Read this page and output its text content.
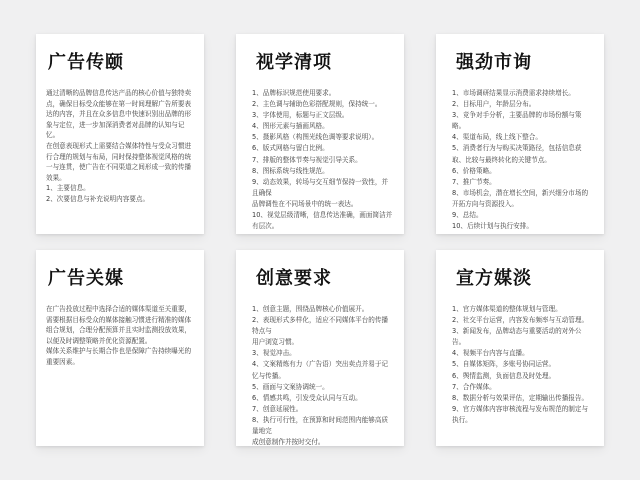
广告传颐

通过清晰的品牌信息传达产品的核心价值与独特卖点，确保目标受众能够在第一时间理解广告所要表达的内容，并且在众多信息中快速识别出品牌的形象与定位，进一步加深消费者对品牌的认知与记忆。

在创意表现形式上需要结合媒体特性与受众习惯进行合理的规划与布局，同时保持整体视觉风格的统一与连贯，使广告在不同渠道之间形成一致的传播效果。

1、主要信息。

2、次要信息与补充说明内容要点。

视学清项
1、品牌标识规范使用要求。
2、主色调与辅助色彩搭配规则，保持统一。
3、字体使用，标题与正文层级。
4、图形元素与插画风格。
5、摄影风格（构图光线色调等要求说明）。
6、版式网格与留白比例。
7、排版的整体节奏与视觉引导关系。
8、图标系统与线性规范。
9、动态效果，转场与交互细节保持一致性，并且确保
品牌调性在不同场景中的统一表达。
10、视觉层级清晰，信息传达准确，画面简洁并有层次。
强劲市询
1、市场调研结果显示消费需求持续增长。
2、目标用户，年龄层分布。
3、竞争对手分析，主要品牌的市场份额与策略。
4、渠道布局，线上线下整合。
5、消费者行为与购买决策路径，包括信息获取、比较与最终转化的关键节点。
6、价格策略。
7、推广节奏。
8、市场机会，潜在增长空间，新兴细分市场的开拓方向与资源投入。
9、总结。
10、后续计划与执行安排。
广告关媒

在广告投放过程中选择合适的媒体渠道至关重要，需要根据目标受众的媒体接触习惯进行精准的媒体组合规划，合理分配预算并且实时监测投放效果，以便及时调整策略并优化资源配置。

媒体关系维护与长期合作也是保障广告持续曝光的重要因素。

创意要求
1、创意主题，围绕品牌核心价值展开。
2、表现形式多样化，适应不同媒体平台的传播特点与
用户浏览习惯。
3、视觉冲击。
4、文案精炼有力（广告语）突出卖点并易于记忆与传播。
5、画面与文案协调统一。
6、情感共鸣，引发受众认同与互动。
7、创意延展性。
8、执行可行性，在预算和时间范围内能够高质量地完
成创意制作并按时交付。
宣方媒淡
1、官方媒体渠道的整体规划与管理。
2、社交平台运营，内容发布频率与互动管理。
3、新闻发布，品牌动态与重要活动的对外公告。
4、视频平台内容与直播。
5、自媒体矩阵，多账号协同运营。
6、舆情监测，负面信息及时处理。
7、合作媒体。
8、数据分析与效果评估，定期输出传播报告。
9、官方媒体内容审核流程与发布规范的制定与执行。
